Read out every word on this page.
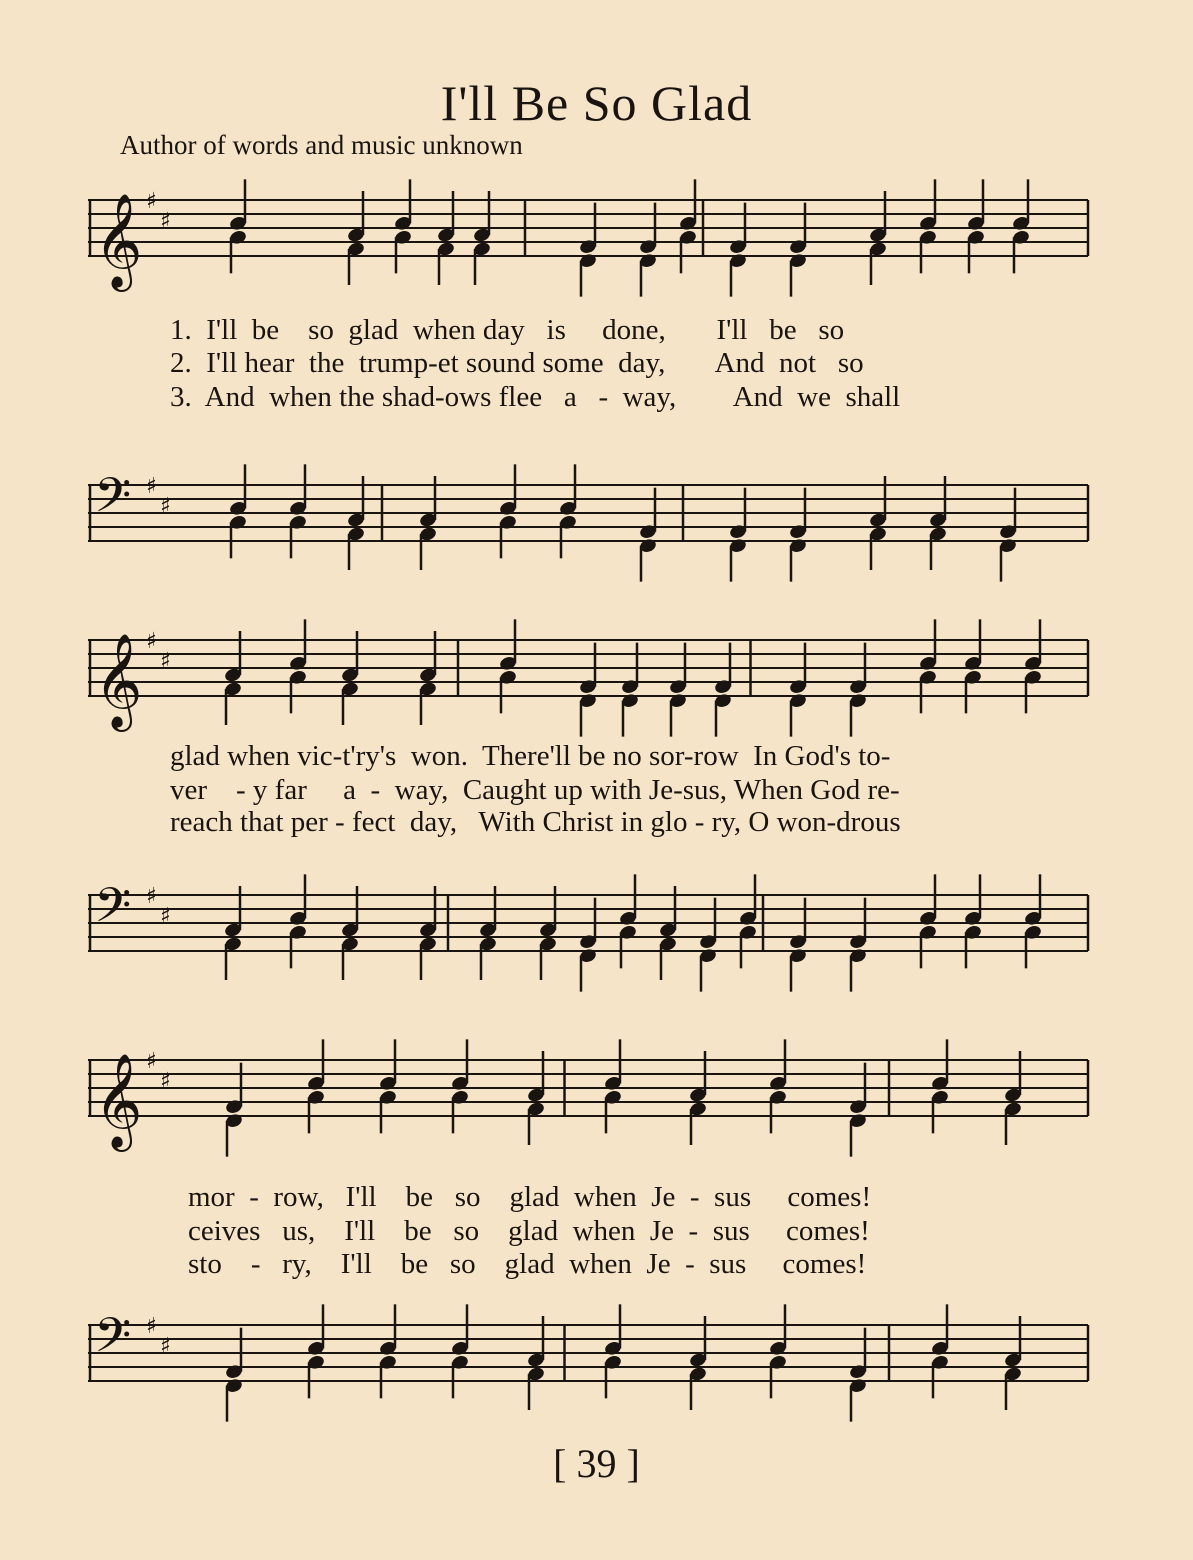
I'll Be So Glad
Author of words and music unknown
𝄞 ♯
♯
1.  I'll  be    so  glad  when day   is     done,       I'll   be   so
2.  I'll hear  the  trump-et sound some  day,       And  not   so
3.  And  when the shad-ows flee   a   -  way,        And  we  shall
𝄢 ♯
♯
𝄞 ♯
♯
glad when vic-t'ry's  won.  There'll be no sor-row  In God's to-
ver    - y far     a  -  way,  Caught up with Je-sus, When God re-
reach that per - fect  day,   With Christ in glo - ry, O won-drous
𝄢 ♯
♯
𝄞 ♯
♯
mor  -  row,   I'll    be   so    glad  when  Je  -  sus     comes!
ceives   us,    I'll    be   so    glad  when  Je  -  sus     comes!
sto    -   ry,    I'll    be   so    glad  when  Je  -  sus     comes!
𝄢 ♯
♯
[ 39 ]
